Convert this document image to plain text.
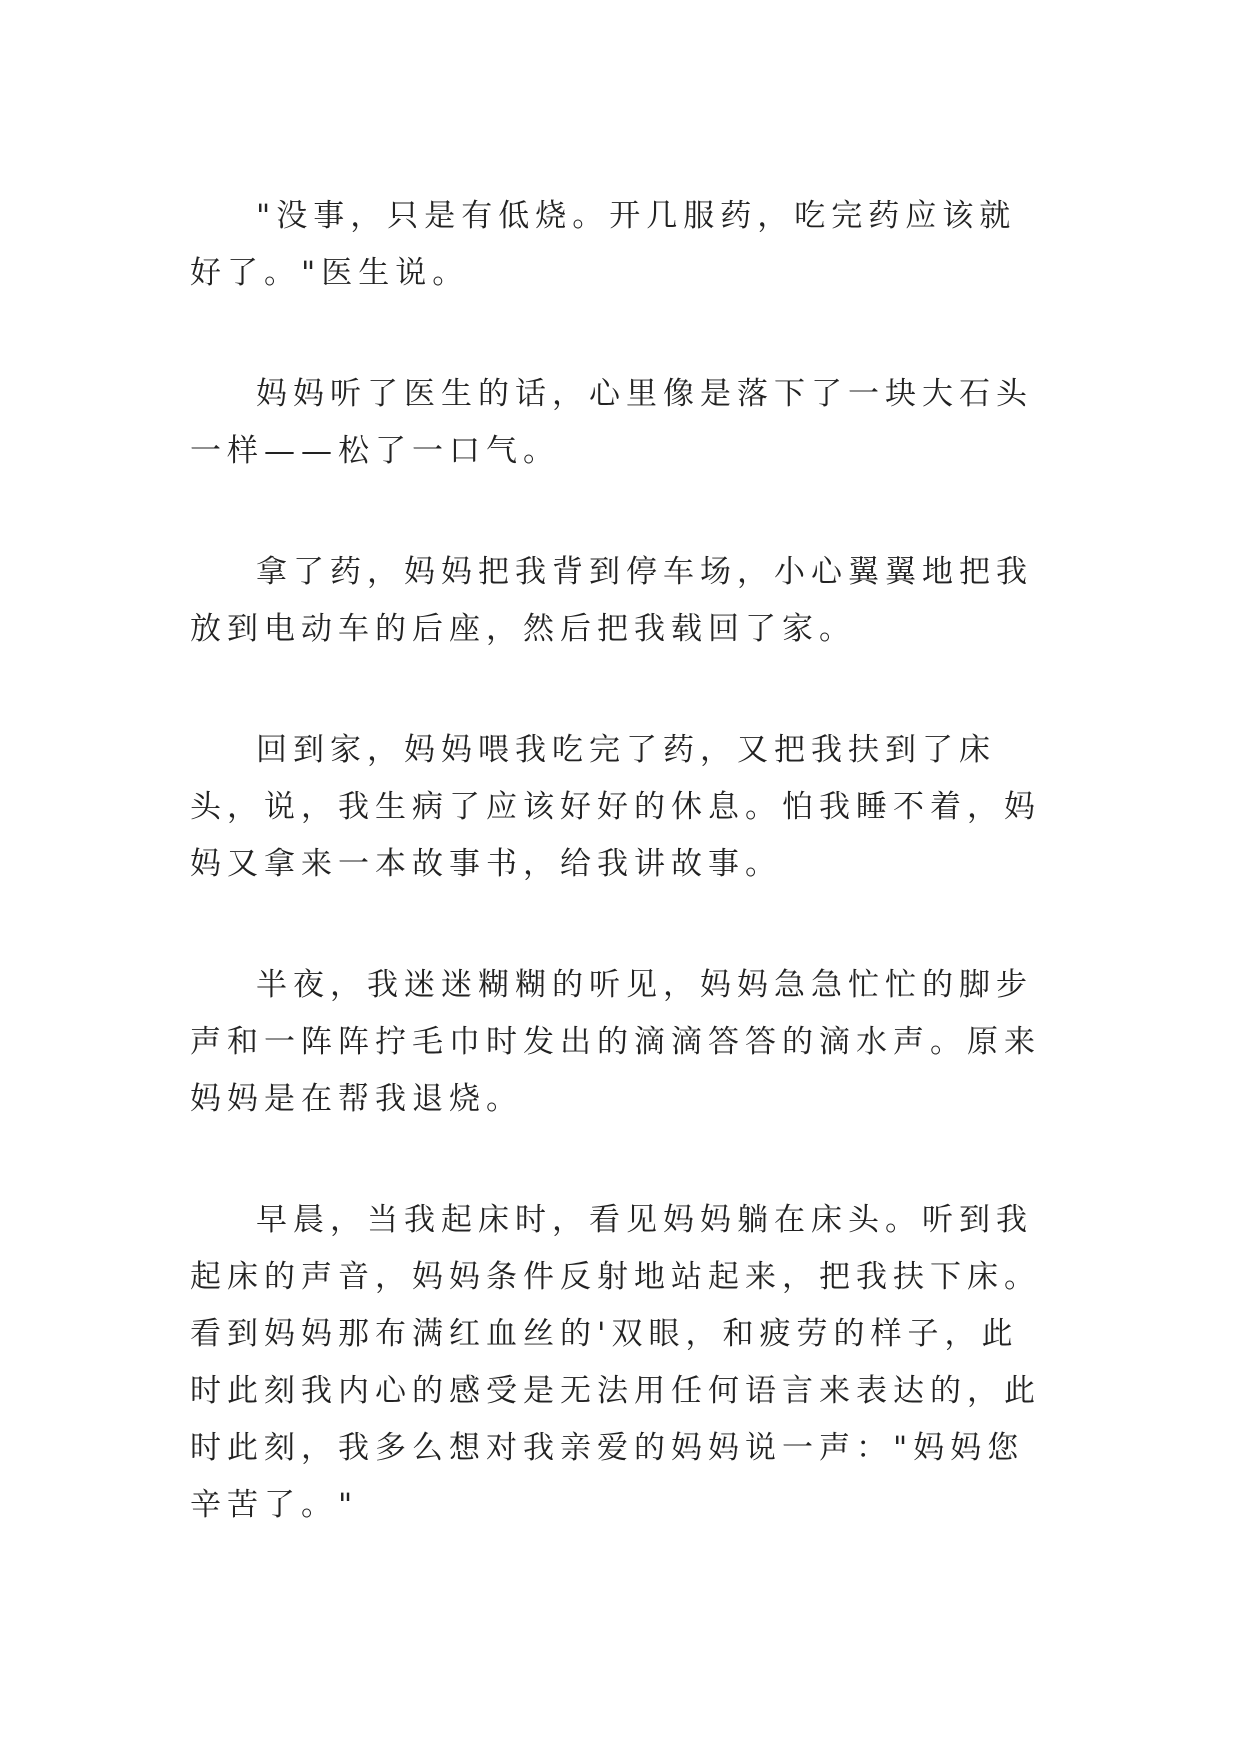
"没事，只是有低烧。开几服药，吃完药应该就好了。"医生说。

妈妈听了医生的话，心里像是落下了一块大石头一样——松了一口气。

拿了药，妈妈把我背到停车场，小心翼翼地把我放到电动车的后座，然后把我载回了家。

回到家，妈妈喂我吃完了药，又把我扶到了床头，说，我生病了应该好好的休息。怕我睡不着，妈妈又拿来一本故事书，给我讲故事。

半夜，我迷迷糊糊的听见，妈妈急急忙忙的脚步声和一阵阵拧毛巾时发出的滴滴答答的滴水声。原来妈妈是在帮我退烧。

早晨，当我起床时，看见妈妈躺在床头。听到我起床的声音，妈妈条件反射地站起来，把我扶下床。看到妈妈那布满红血丝的'双眼，和疲劳的样子，此时此刻我内心的感受是无法用任何语言来表达的，此时此刻，我多么想对我亲爱的妈妈说一声："妈妈您辛苦了。"
